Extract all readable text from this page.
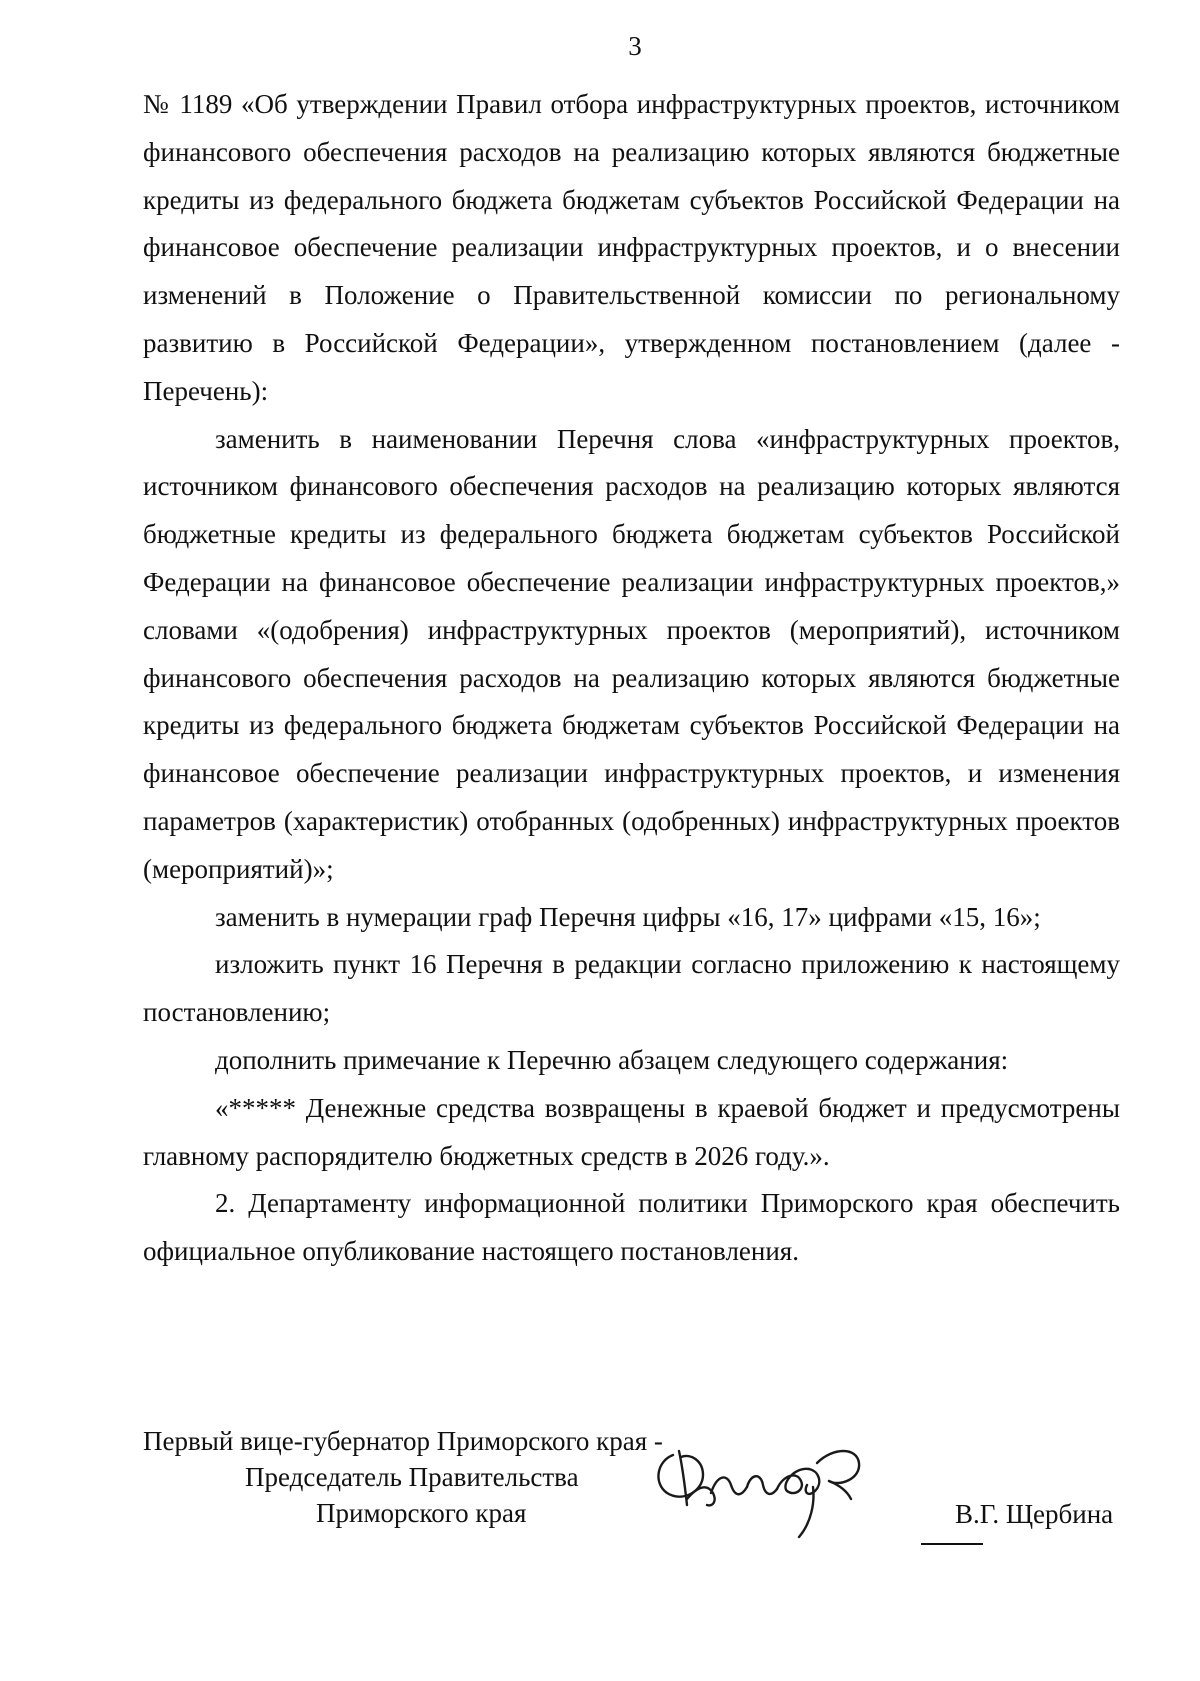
3

№ 1189 «Об утверждении Правил отбора инфраструктурных проектов, источником финансового обеспечения расходов на реализацию которых являются бюджетные кредиты из федерального бюджета бюджетам субъектов Российской Федерации на финансовое обеспечение реализации инфраструктурных проектов, и о внесении изменений в Положение о Правительственной комиссии по региональному развитию в Российской Федерации», утвержденном постановлением (далее - Перечень):

заменить в наименовании Перечня слова «инфраструктурных проектов, источником финансового обеспечения расходов на реализацию которых являются бюджетные кредиты из федерального бюджета бюджетам субъектов Российской Федерации на финансовое обеспечение реализации инфраструктурных проектов,» словами «(одобрения) инфраструктурных проектов (мероприятий), источником финансового обеспечения расходов на реализацию которых являются бюджетные кредиты из федерального бюджета бюджетам субъектов Российской Федерации на финансовое обеспечение реализации инфраструктурных проектов, и изменения параметров (характеристик) отобранных (одобренных) инфраструктурных проектов (мероприятий)»;

заменить в нумерации граф Перечня цифры «16, 17» цифрами «15, 16»;

изложить пункт 16 Перечня в редакции согласно приложению к настоящему постановлению;

дополнить примечание к Перечню абзацем следующего содержания:

«***** Денежные средства возвращены в краевой бюджет и предусмотрены главному распорядителю бюджетных средств в 2026 году.».

2. Департаменту информационной политики Приморского края обеспечить официальное опубликование настоящего постановления.

Первый вице-губернатор Приморского края -
Председатель Правительства
Приморского края	В.Г. Щербина
